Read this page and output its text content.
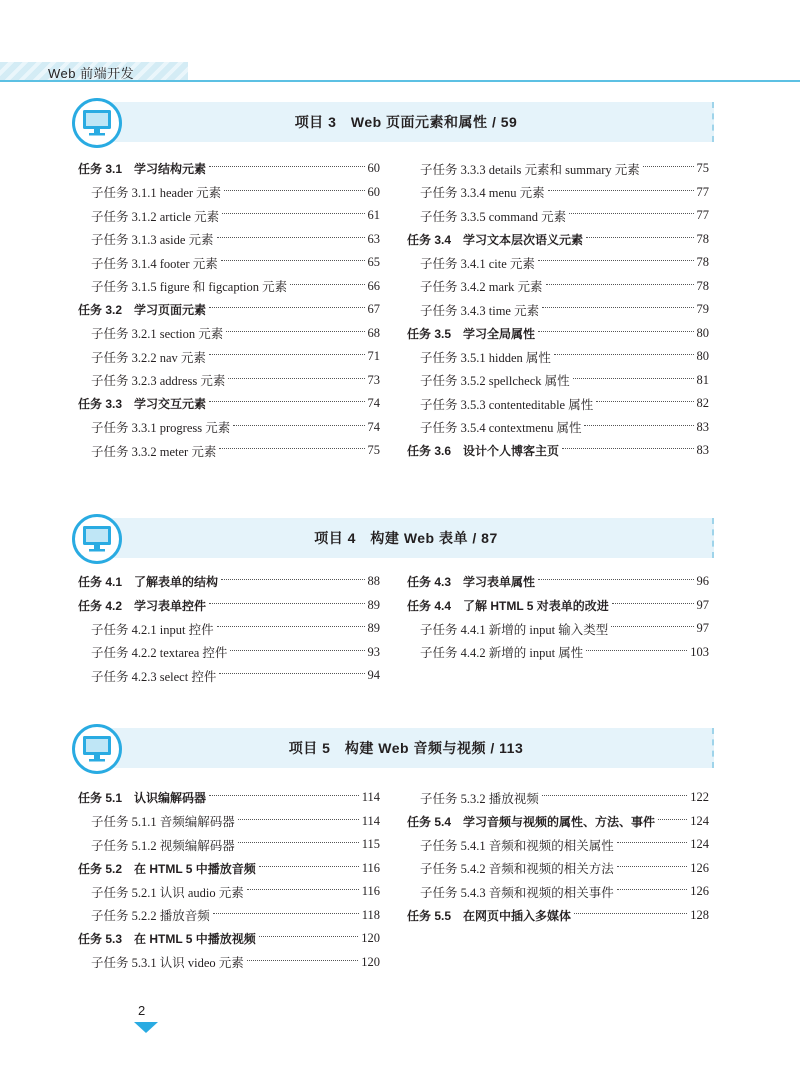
Web 前端开发
项目 3　Web 页面元素和属性 / 59
任务 3.1　学习结构元素	60
子任务 3.1.1 header 元素	60
子任务 3.1.2 article 元素	61
子任务 3.1.3 aside 元素	63
子任务 3.1.4 footer 元素	65
子任务 3.1.5 figure 和 figcaption 元素	66
任务 3.2　学习页面元素	67
子任务 3.2.1 section 元素	68
子任务 3.2.2 nav 元素	71
子任务 3.2.3 address 元素	73
任务 3.3　学习交互元素	74
子任务 3.3.1 progress 元素	74
子任务 3.3.2 meter 元素	75
子任务 3.3.3 details 元素和 summary 元素	75
子任务 3.3.4 menu 元素	77
子任务 3.3.5 command 元素	77
任务 3.4　学习文本层次语义元素	78
子任务 3.4.1 cite 元素	78
子任务 3.4.2 mark 元素	78
子任务 3.4.3 time 元素	79
任务 3.5　学习全局属性	80
子任务 3.5.1 hidden 属性	80
子任务 3.5.2 spellcheck 属性	81
子任务 3.5.3 contenteditable 属性	82
子任务 3.5.4 contextmenu 属性	83
任务 3.6　设计个人博客主页	83
项目 4　构建 Web 表单 / 87
任务 4.1　了解表单的结构	88
任务 4.2　学习表单控件	89
子任务 4.2.1 input 控件	89
子任务 4.2.2 textarea 控件	93
子任务 4.2.3 select 控件	94
任务 4.3　学习表单属性	96
任务 4.4　了解 HTML 5 对表单的改进	97
子任务 4.4.1 新增的 input 输入类型	97
子任务 4.4.2 新增的 input 属性	103
项目 5　构建 Web 音频与视频 / 113
任务 5.1　认识编解码器	114
子任务 5.1.1 音频编解码器	114
子任务 5.1.2 视频编解码器	115
任务 5.2　在 HTML 5 中播放音频	116
子任务 5.2.1 认识 audio 元素	116
子任务 5.2.2 播放音频	118
任务 5.3　在 HTML 5 中播放视频	120
子任务 5.3.1 认识 video 元素	120
子任务 5.3.2 播放视频	122
任务 5.4　学习音频与视频的属性、方法、事件	124
子任务 5.4.1 音频和视频的相关属性	124
子任务 5.4.2 音频和视频的相关方法	126
子任务 5.4.3 音频和视频的相关事件	126
任务 5.5　在网页中插入多媒体	128
2
